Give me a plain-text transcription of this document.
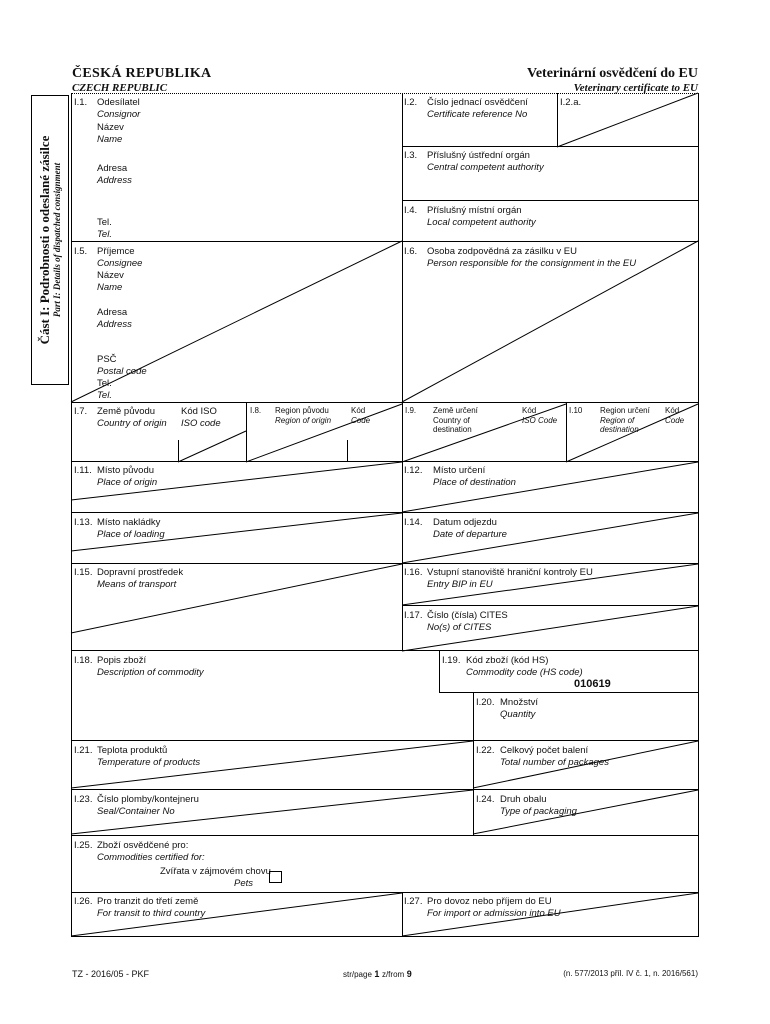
ČESKÁ REPUBLIKA
CZECH REPUBLIC
Veterinární osvědčení do EU
Veterinary certificate to EU
Část I: Podrobnosti o odeslané zásilce Part I: Details of dispatched consignment
I.1. Odesílatel
Consignor
Název
Name
Adresa
Address
Tel.
Tel.
I.2. Číslo jednací osvědčení
Certificate reference No
I.2.a.
I.3. Příslušný ústřední orgán
Central competent authority
I.4. Příslušný místní orgán
Local competent authority
I.5. Příjemce
Consignee
Název
Name
Adresa
Address
PSČ
Postal code
Tel.
Tel.
I.6. Osoba zodpovědná za zásilku v EU
Person responsible for the consignment in the EU
I.7. Země původu
Country of origin
Kód ISO
ISO code
I.8. Region původu
Region of origin
Kód
Code
I.9. Země určení
Country of
destination
Kód
ISO Code
I.10 Region určení
Region of
destination
Kód
Code
I.11. Místo původu
Place of origin
I.12. Místo určení
Place of destination
I.13. Místo nakládky
Place of loading
I.14. Datum odjezdu
Date of departure
I.15. Dopravní prostředek
Means of transport
I.16. Vstupní stanoviště hraniční kontroly EU
Entry BIP in EU
I.17. Číslo (čísla) CITES
No(s) of CITES
I.18. Popis zboží
Description of commodity
I.19. Kód zboží (kód HS)
Commodity code (HS code)
010619
I.20. Množství
Quantity
I.21. Teplota produktů
Temperature of products
I.22. Celkový počet balení
Total number of packages
I.23. Číslo plomby/kontejneru
Seal/Container No
I.24. Druh obalu
Type of packaging
I.25. Zboží osvědčené pro:
Commodities certified for:
Zvířata v zájmovém chovu
Pets
I.26. Pro tranzit do třetí země
For transit to third country
I.27. Pro dovoz nebo příjem do EU
For import or admission into EU
TZ - 2016/05 - PKF	str/page 1 z/from 9	(n. 577/2013 příl. IV č. 1, n. 2016/561)
